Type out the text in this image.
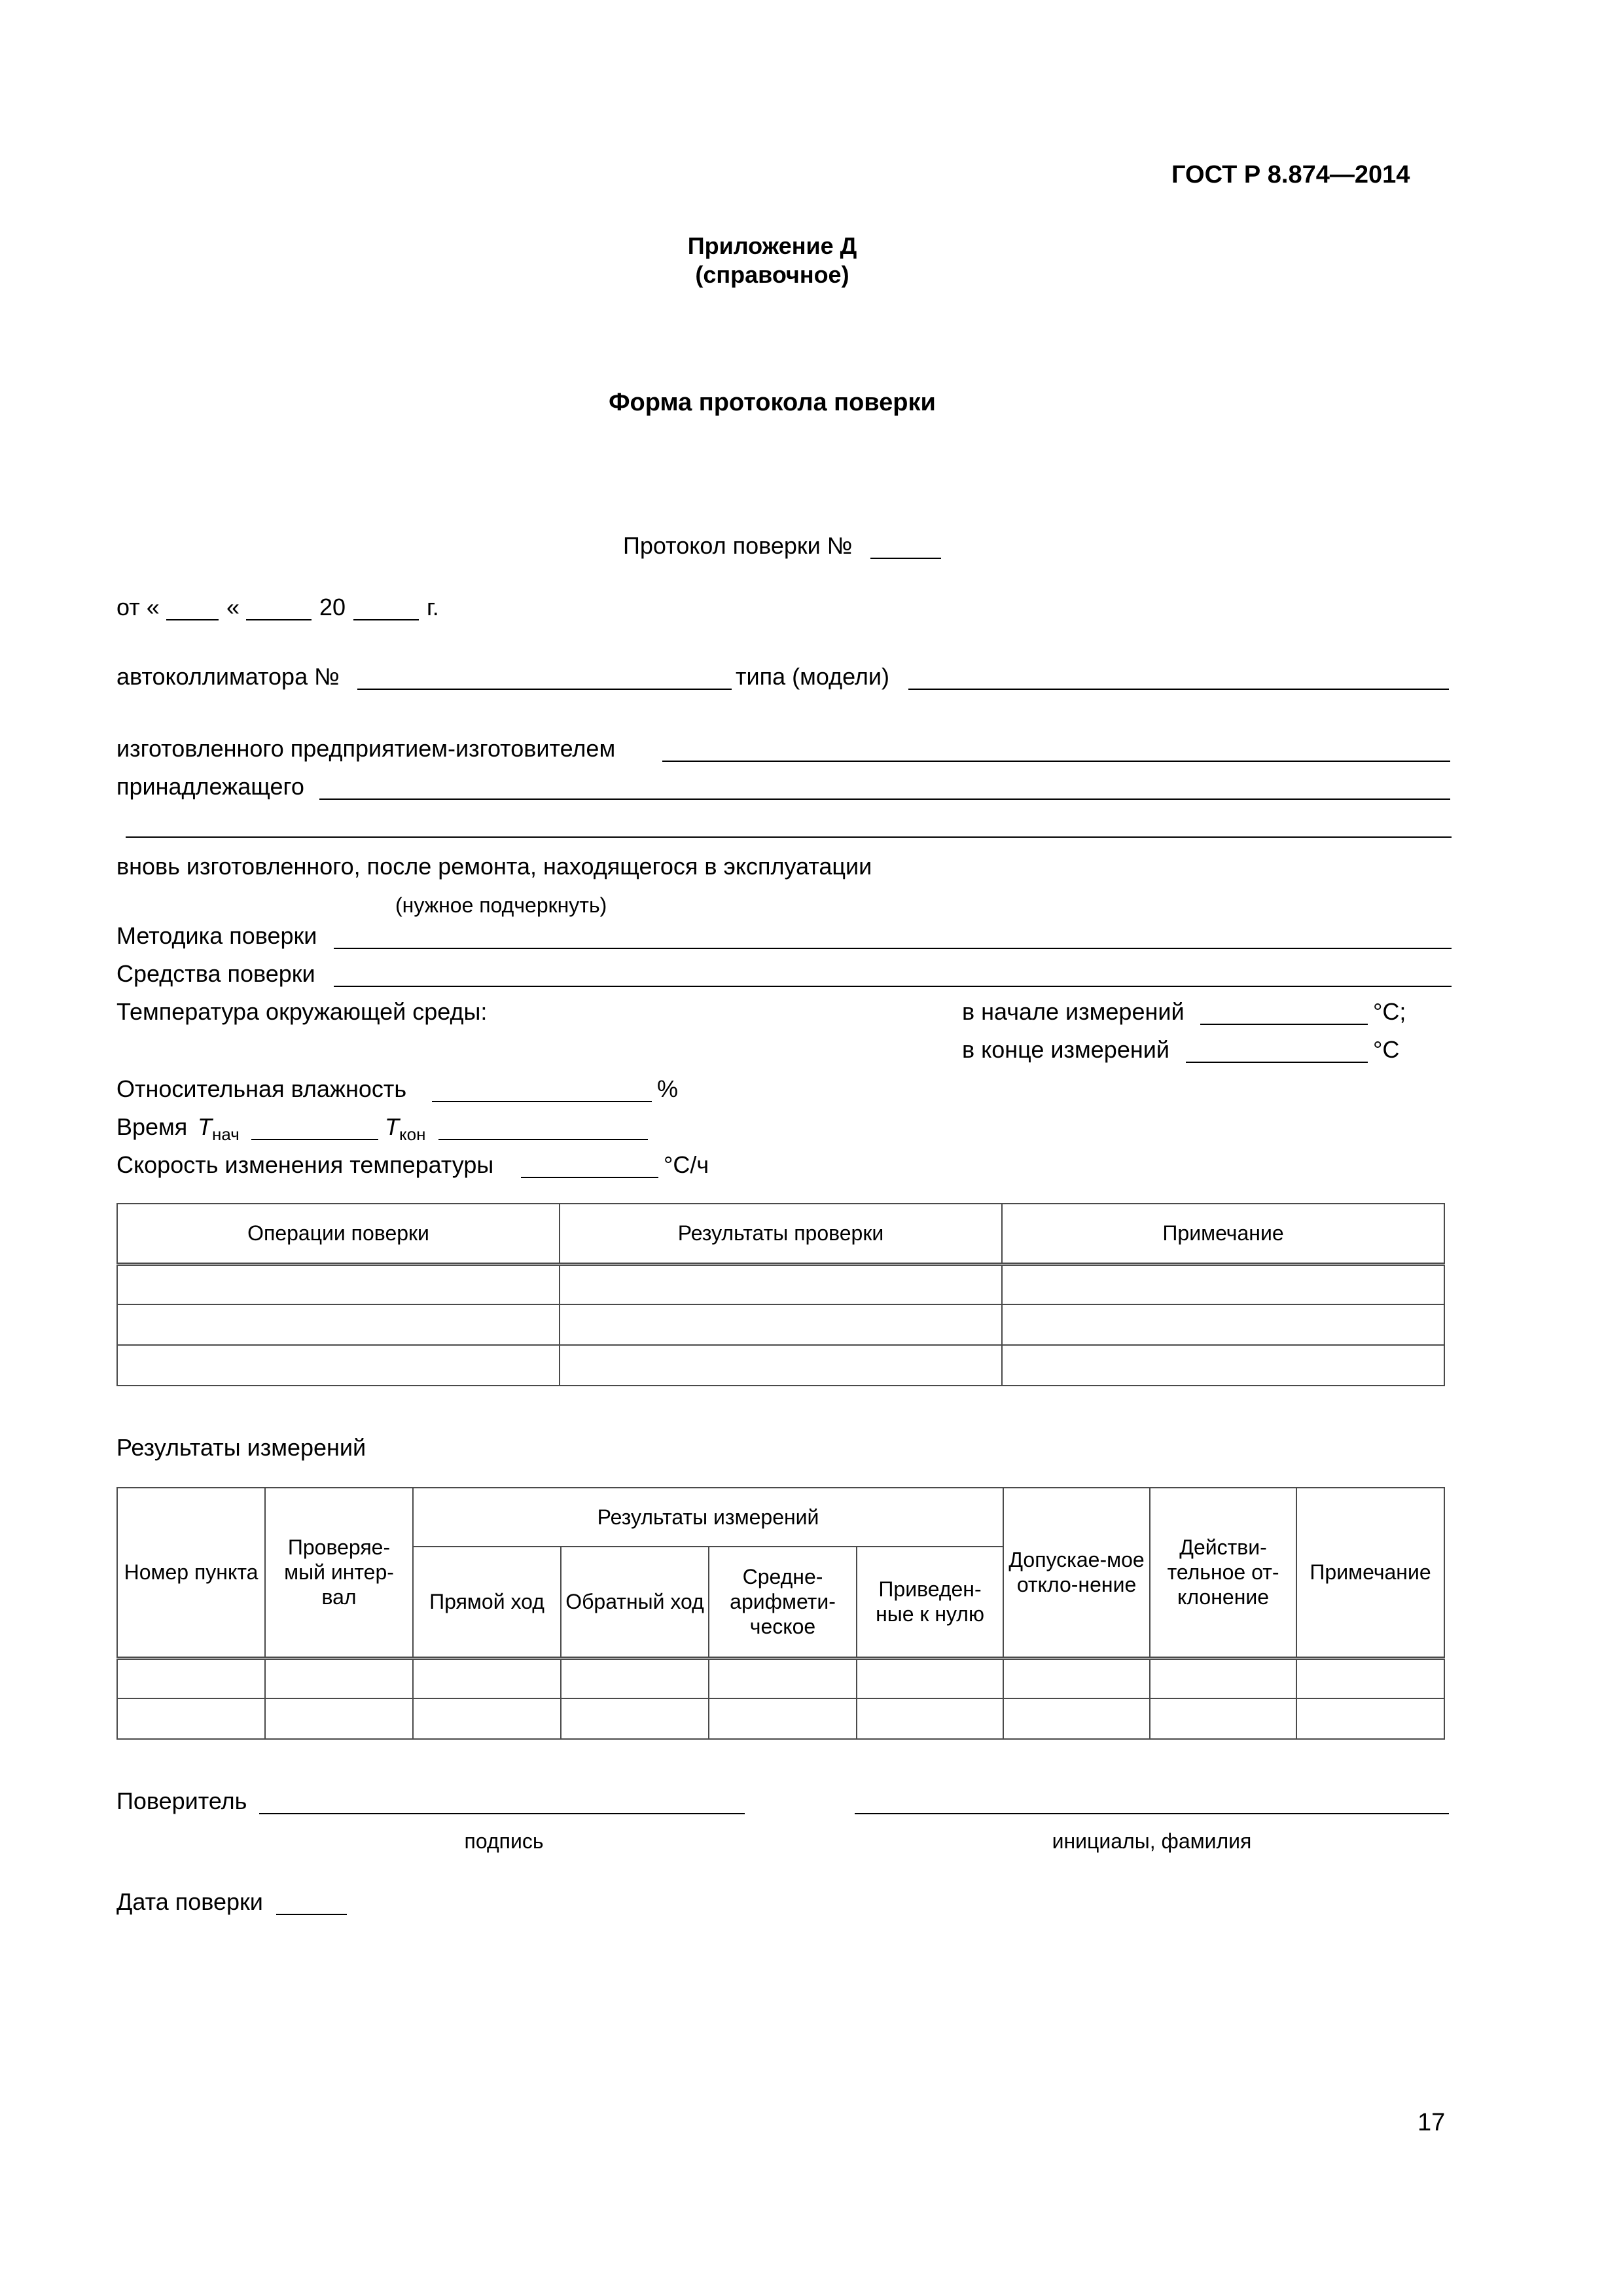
ГОСТ Р 8.874—2014
Приложение Д
(справочное)
Форма протокола поверки
Протокол поверки №
от «	«	20	г.
автоколлиматора №	типа (модели)
изготовленного предприятием-изготовителем
принадлежащего
вновь изготовленного, после ремонта, находящегося в эксплуатации
(нужное подчеркнуть)
Методика поверки
Средства поверки
Температура окружающей среды:	в начале измерений	°C;
в конце измерений	°C
Относительная влажность	%
Время $T_{нач}$	$T_{кон}$
Скорость изменения температуры	°С/ч
Операции поверки	Результаты проверки	Примечание

Результаты измерений
Номер пункта	Проверяе-мый интер-вал	Результаты измерений				Допускае-мое откло-нение	Действи-тельное от-клонение	Примечание
		Прямой ход	Обратный ход	Средне-арифмети-ческое	Приведен-ные к нулю			

Поверитель
подпись	инициалы, фамилия
Дата поверки
17
